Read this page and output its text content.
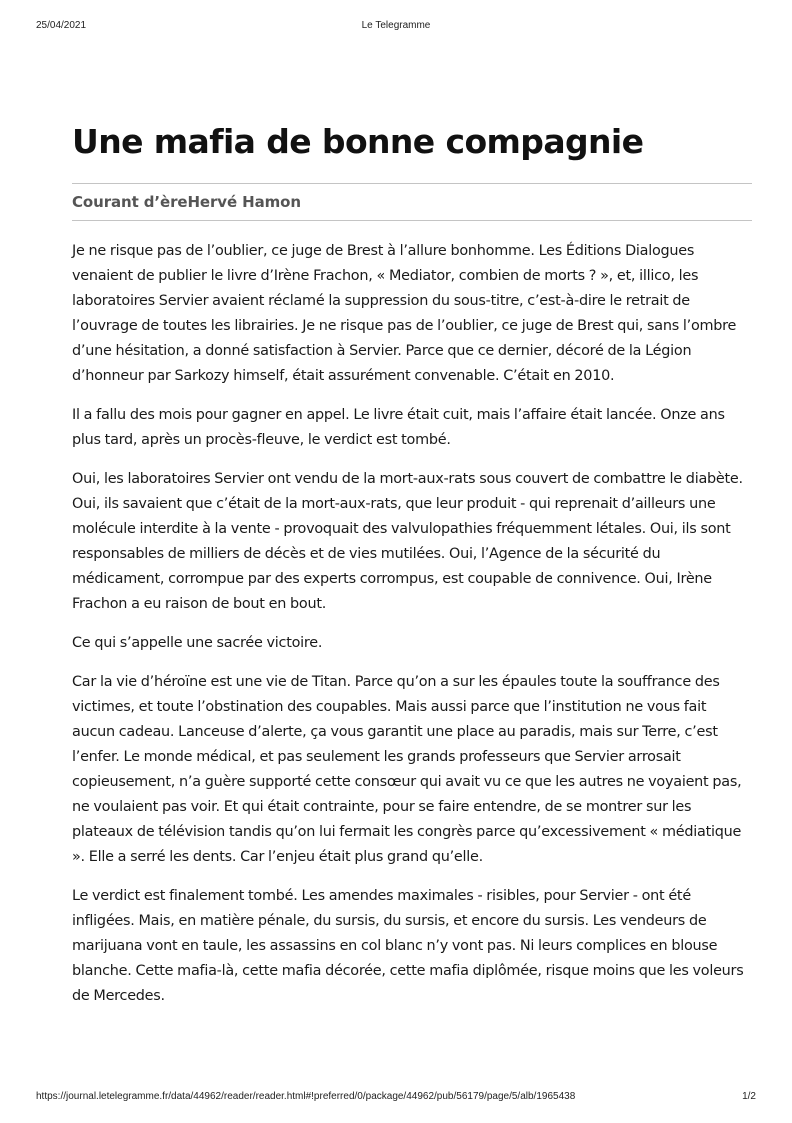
25/04/2021	Le Telegramme
Une mafia de bonne compagnie
Courant d’èreHervé Hamon

Je ne risque pas de l’oublier, ce juge de Brest à l’allure bonhomme. Les Éditions Dialogues venaient de publier le livre d’Irène Frachon, « Mediator, combien de morts ? », et, illico, les laboratoires Servier avaient réclamé la suppression du sous-titre, c’est-à-dire le retrait de l’ouvrage de toutes les librairies. Je ne risque pas de l’oublier, ce juge de Brest qui, sans l’ombre d’une hésitation, a donné satisfaction à Servier. Parce que ce dernier, décoré de la Légion d’honneur par Sarkozy himself, était assurément convenable. C’était en 2010.

Il a fallu des mois pour gagner en appel. Le livre était cuit, mais l’affaire était lancée. Onze ans plus tard, après un procès-fleuve, le verdict est tombé.

Oui, les laboratoires Servier ont vendu de la mort-aux-rats sous couvert de combattre le diabète. Oui, ils savaient que c’était de la mort-aux-rats, que leur produit - qui reprenait d’ailleurs une molécule interdite à la vente - provoquait des valvulopathies fréquemment létales. Oui, ils sont responsables de milliers de décès et de vies mutilées. Oui, l’Agence de la sécurité du médicament, corrompue par des experts corrompus, est coupable de connivence. Oui, Irène Frachon a eu raison de bout en bout.

Ce qui s’appelle une sacrée victoire.

Car la vie d’héroïne est une vie de Titan. Parce qu’on a sur les épaules toute la souffrance des victimes, et toute l’obstination des coupables. Mais aussi parce que l’institution ne vous fait aucun cadeau. Lanceuse d’alerte, ça vous garantit une place au paradis, mais sur Terre, c’est l’enfer. Le monde médical, et pas seulement les grands professeurs que Servier arrosait copieusement, n’a guère supporté cette consœur qui avait vu ce que les autres ne voyaient pas, ne voulaient pas voir. Et qui était contrainte, pour se faire entendre, de se montrer sur les plateaux de télévision tandis qu’on lui fermait les congrès parce qu’excessivement « médiatique ». Elle a serré les dents. Car l’enjeu était plus grand qu’elle.

Le verdict est finalement tombé. Les amendes maximales - risibles, pour Servier - ont été infligées. Mais, en matière pénale, du sursis, du sursis, et encore du sursis. Les vendeurs de marijuana vont en taule, les assassins en col blanc n’y vont pas. Ni leurs complices en blouse blanche. Cette mafia-là, cette mafia décorée, cette mafia diplômée, risque moins que les voleurs de Mercedes.

https://journal.letelegramme.fr/data/44962/reader/reader.html#!preferred/0/package/44962/pub/56179/page/5/alb/1965438	1/2
